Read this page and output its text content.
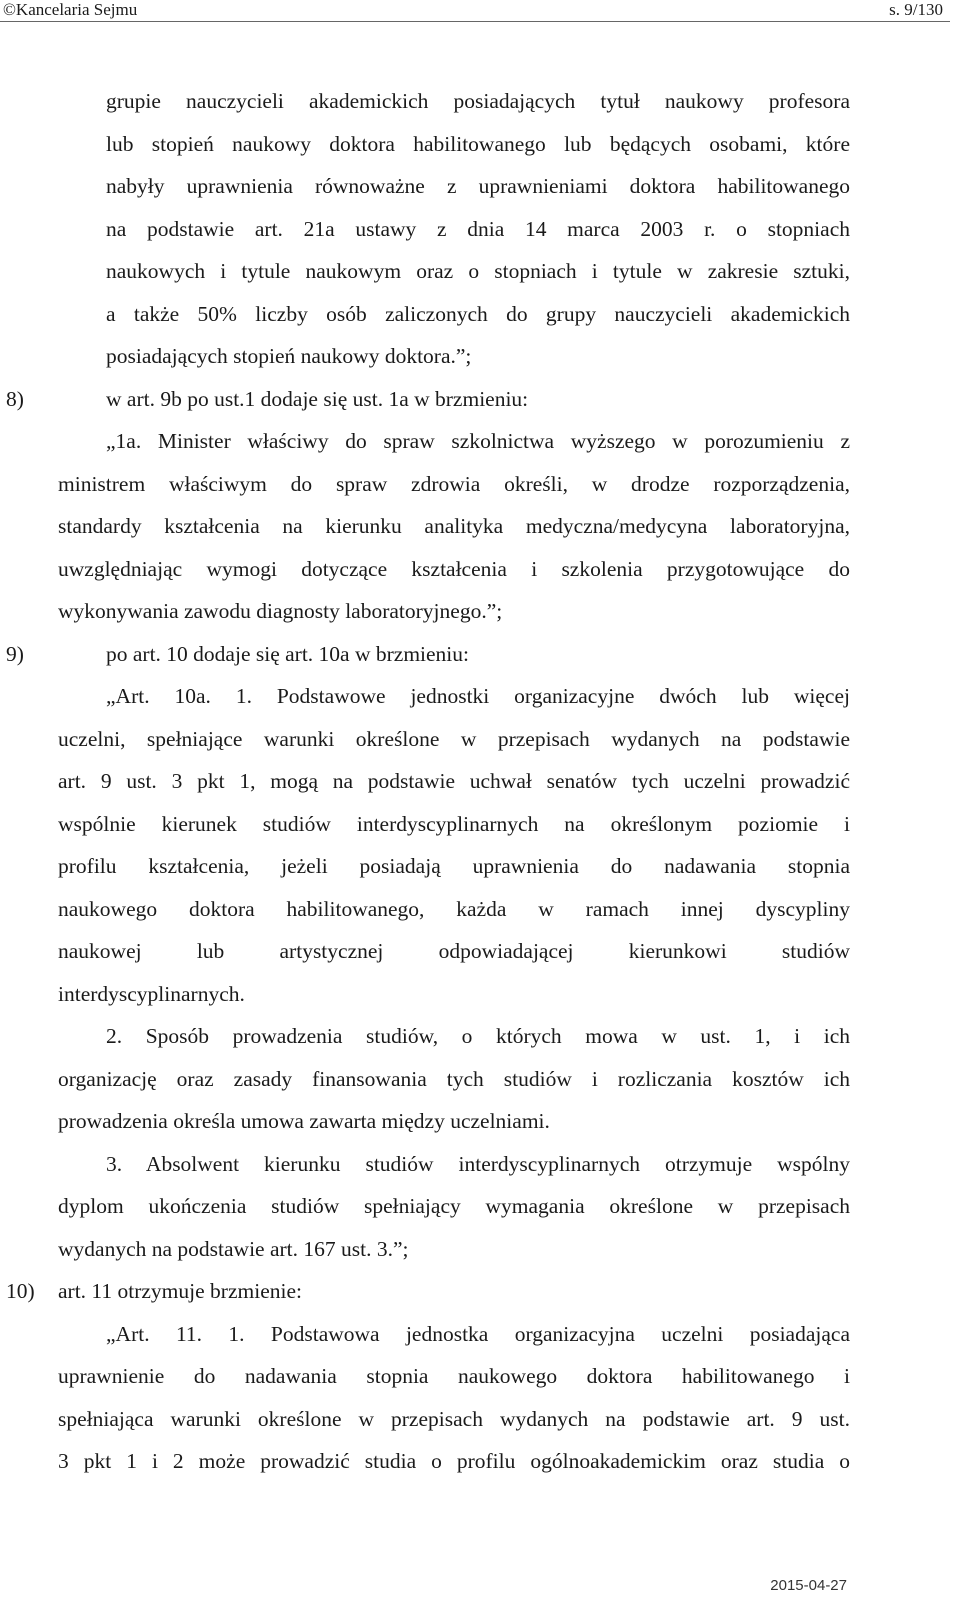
©Kancelaria Sejmu	s. 9/130
grupie nauczycieli akademickich posiadających tytuł naukowy profesora
lub stopień naukowy doktora habilitowanego lub będących osobami, które
nabyły uprawnienia równoważne z uprawnieniami doktora habilitowanego
na podstawie art. 21a ustawy z dnia 14 marca 2003 r. o stopniach
naukowych i tytule naukowym oraz o stopniach i tytule w zakresie sztuki,
a także 50% liczby osób zaliczonych do grupy nauczycieli akademickich
posiadających stopień naukowy doktora.”;
8)	w art. 9b po ust.1 dodaje się ust. 1a w brzmieniu:
„1a. Minister właściwy do spraw szkolnictwa wyższego w porozumieniu z
ministrem właściwym do spraw zdrowia określi, w drodze rozporządzenia,
standardy kształcenia na kierunku analityka medyczna/medycyna laboratoryjna,
uwzględniając wymogi dotyczące kształcenia i szkolenia przygotowujące do
wykonywania zawodu diagnosty laboratoryjnego.”;
9)	po art. 10 dodaje się art. 10a w brzmieniu:
„Art. 10a. 1. Podstawowe jednostki organizacyjne dwóch lub więcej
uczelni, spełniające warunki określone w przepisach wydanych na podstawie
art. 9 ust. 3 pkt 1, mogą na podstawie uchwał senatów tych uczelni prowadzić
wspólnie kierunek studiów interdyscyplinarnych na określonym poziomie i
profilu kształcenia, jeżeli posiadają uprawnienia do nadawania stopnia
naukowego doktora habilitowanego, każda w ramach innej dyscypliny
naukowej lub artystycznej odpowiadającej kierunkowi studiów
interdyscyplinarnych.
2. Sposób prowadzenia studiów, o których mowa w ust. 1, i ich
organizację oraz zasady finansowania tych studiów i rozliczania kosztów ich
prowadzenia określa umowa zawarta między uczelniami.
3. Absolwent kierunku studiów interdyscyplinarnych otrzymuje wspólny
dyplom ukończenia studiów spełniający wymagania określone w przepisach
wydanych na podstawie art. 167 ust. 3.”;
10)	art. 11 otrzymuje brzmienie:
„Art. 11. 1. Podstawowa jednostka organizacyjna uczelni posiadająca
uprawnienie do nadawania stopnia naukowego doktora habilitowanego i
spełniająca warunki określone w przepisach wydanych na podstawie art. 9 ust.
3 pkt 1 i 2 może prowadzić studia o profilu ogólnoakademickim oraz studia o
2015-04-27
